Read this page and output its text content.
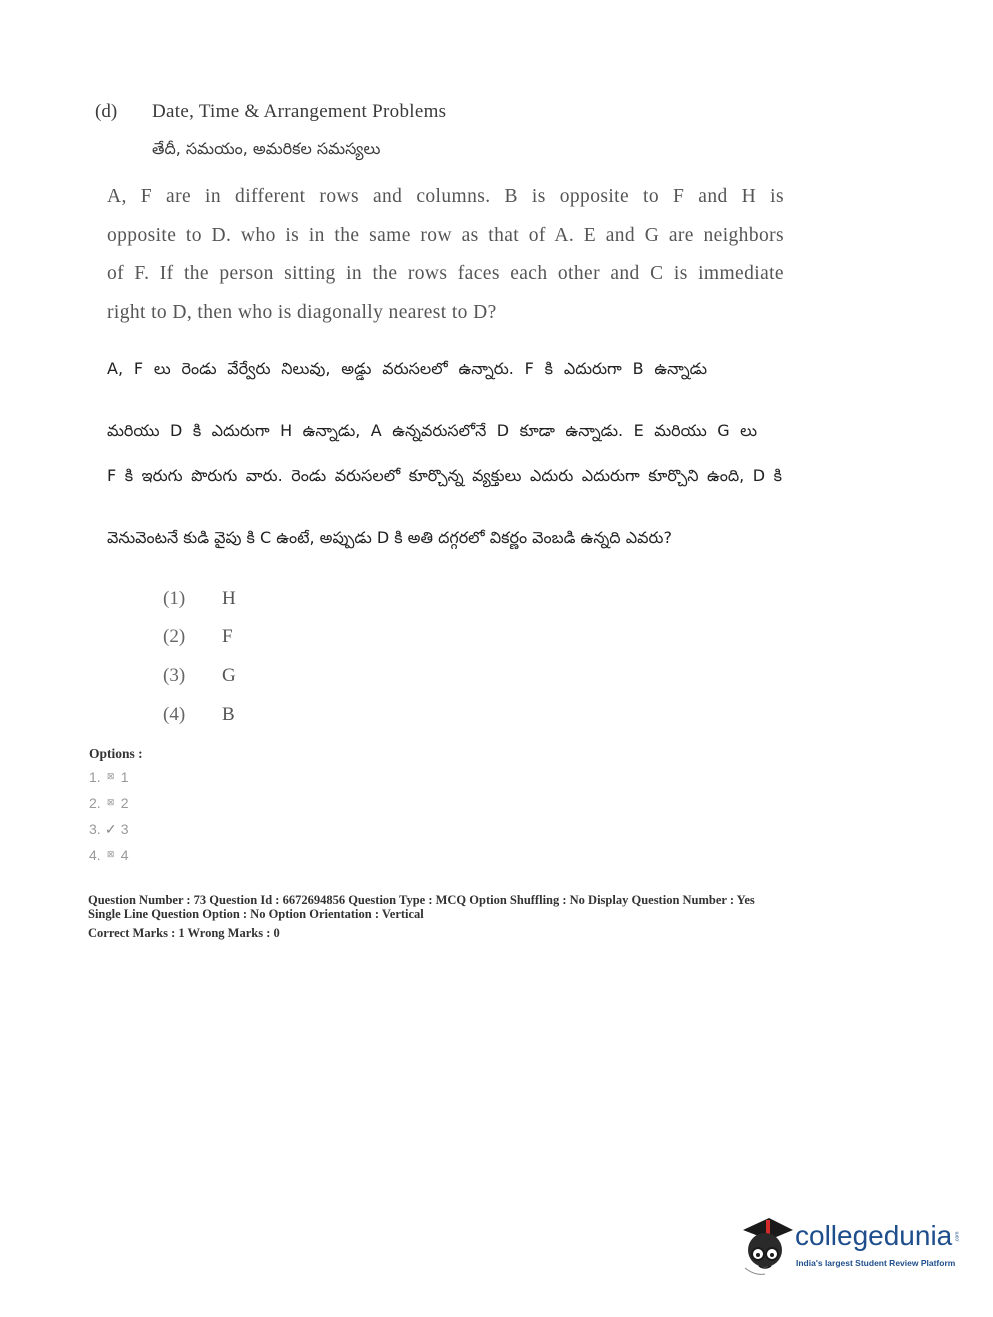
(d) Date, Time & Arrangement Problems
తేదీ, సమయం, అమరికల సమస్యలు
A, F are in different rows and columns. B is opposite to F and H is
opposite to D. who is in the same row as that of A. E and G are neighbors
of F. If the person sitting in the rows faces each other and C is immediate
right to D, then who is diagonally nearest to D?
A, F లు రెండు వేర్వేరు నిలువు, అడ్డు వరుసలలో ఉన్నారు. F కి ఎదురుగా B ఉన్నాడు
మరియు D కి ఎదురుగా H ఉన్నాడు, A ఉన్నవరుసలోనే D కూడా ఉన్నాడు. E మరియు G లు
F కి ఇరుగు పొరుగు వారు. రెండు వరుసలలో కూర్చొన్న వ్యక్తులు ఎదురు ఎదురుగా కూర్చొని ఉంది, D కి
వెనువెంటనే కుడి వైపు కి C ఉంటే, అప్పుడు D కి అతి దగ్గరలో వికర్ణం వెంబడి ఉన్నది ఎవరు?
(1) H
(2) F
(3) G
(4) B
Options :
1. ⊠ 1
2. ⊠ 2
3. ✓ 3
4. ⊠ 4
Question Number : 73 Question Id : 6672694856 Question Type : MCQ Option Shuffling : No Display Question Number : Yes
Single Line Question Option : No Option Orientation : Vertical
Correct Marks : 1 Wrong Marks : 0
collegedunia .com
India's largest Student Review Platform
